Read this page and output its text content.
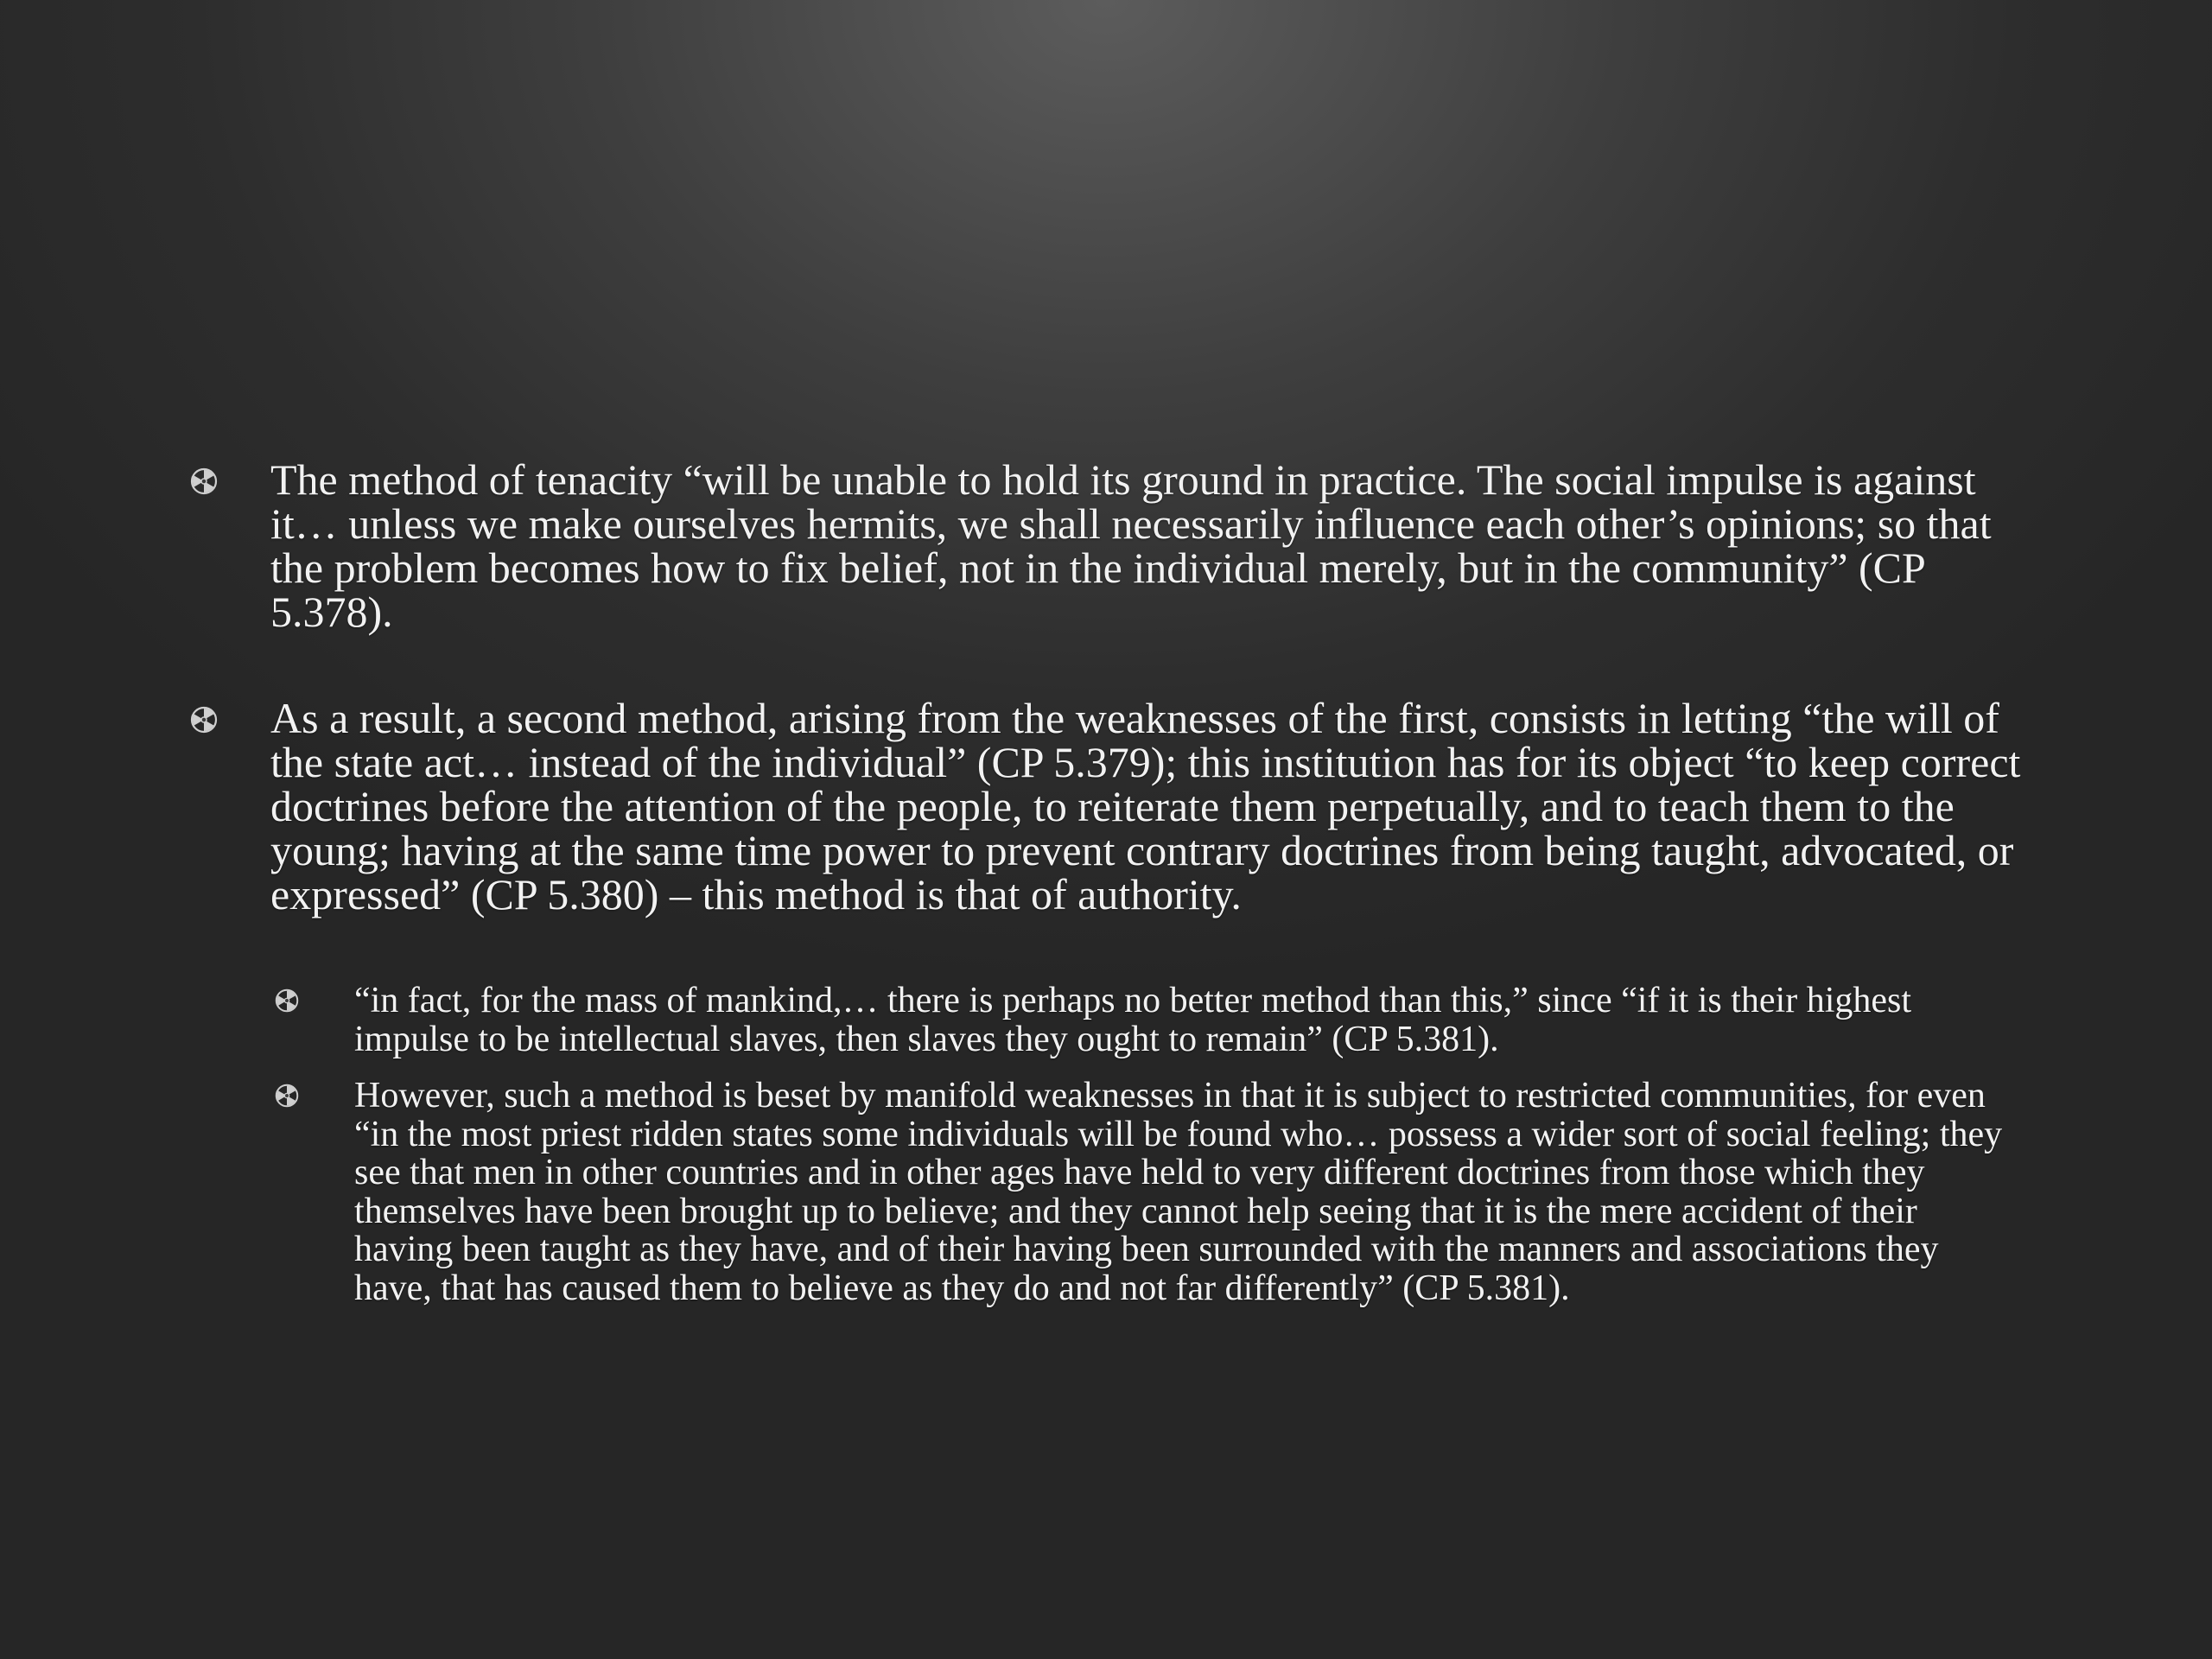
The method of tenacity “will be unable to hold its ground in practice. The social impulse is against it… unless we make ourselves hermits, we shall necessarily influence each other’s opinions; so that the problem becomes how to fix belief, not in the individual merely, but in the community” (CP 5.378).

As a result, a second method, arising from the weaknesses of the first, consists in letting “the will of the state act… instead of the individual” (CP 5.379); this institution has for its object “to keep correct doctrines before the attention of the people, to reiterate them perpetually, and to teach them to the young; having at the same time power to prevent contrary doctrines from being taught, advocated, or expressed” (CP 5.380) – this method is that of authority.

“in fact, for the mass of mankind,… there is perhaps no better method than this,” since “if it is their highest impulse to be intellectual slaves, then slaves they ought to remain” (CP 5.381).

However, such a method is beset by manifold weaknesses in that it is subject to restricted communities, for even “in the most priest ridden states some individuals will be found who… possess a wider sort of social feeling; they see that men in other countries and in other ages have held to very different doctrines from those which they themselves have been brought up to believe; and they cannot help seeing that it is the mere accident of their having been taught as they have, and of their having been surrounded with the manners and associations they have, that has caused them to believe as they do and not far differently” (CP 5.381).
